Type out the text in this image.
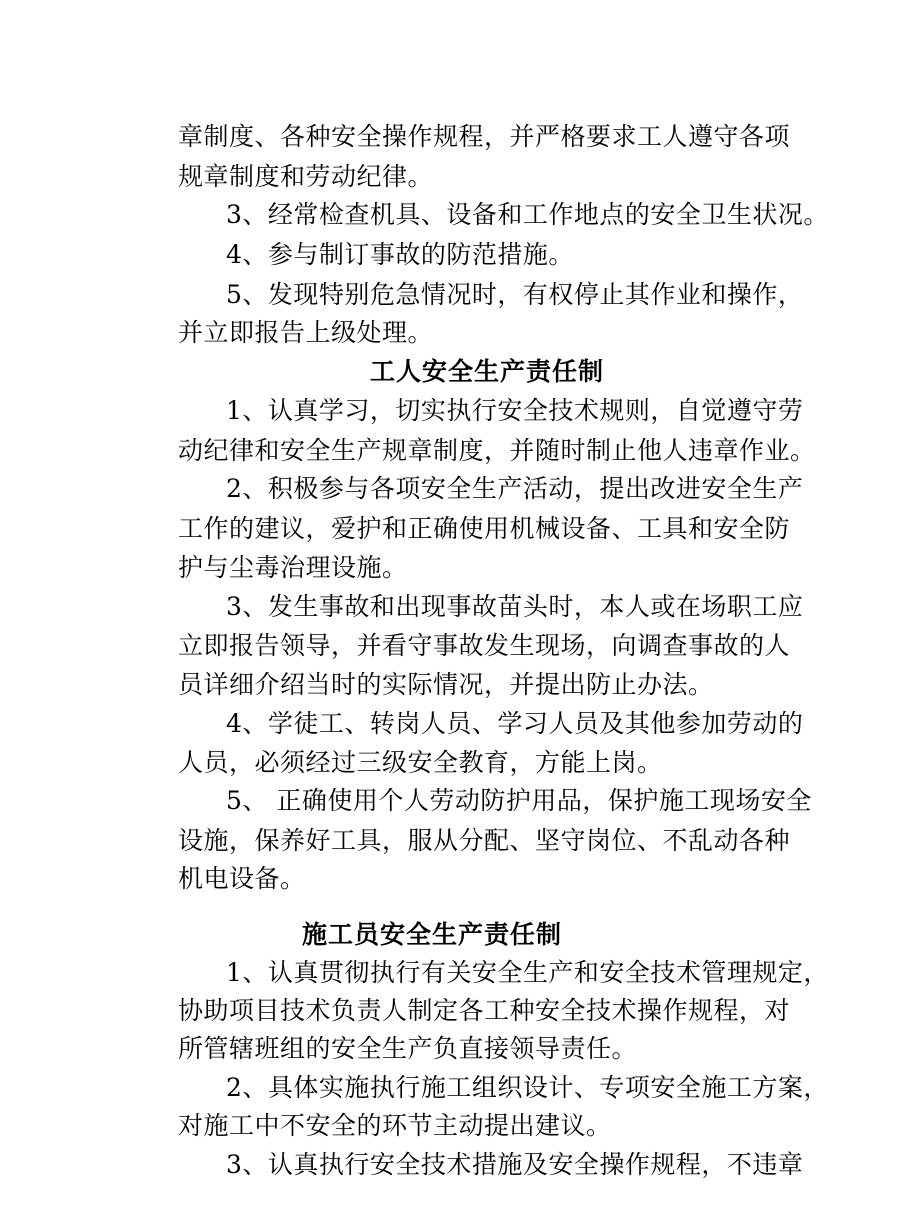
章制度、各种安全操作规程，并严格要求工人遵守各项
规章制度和劳动纪律。
3、经常检查机具、设备和工作地点的安全卫生状况。
4、参与制订事故的防范措施。
5、发现特别危急情况时，有权停止其作业和操作，
并立即报告上级处理。
工人安全生产责任制
1、认真学习，切实执行安全技术规则，自觉遵守劳
动纪律和安全生产规章制度，并随时制止他人违章作业。
2、积极参与各项安全生产活动，提出改进安全生产
工作的建议，爱护和正确使用机械设备、工具和安全防
护与尘毒治理设施。
3、发生事故和出现事故苗头时，本人或在场职工应
立即报告领导，并看守事故发生现场，向调查事故的人
员详细介绍当时的实际情况，并提出防止办法。
4、学徒工、转岗人员、学习人员及其他参加劳动的
人员，必须经过三级安全教育，方能上岗。
5、 正确使用个人劳动防护用品，保护施工现场安全
设施，保养好工具，服从分配、坚守岗位、不乱动各种
机电设备。
施工员安全生产责任制
1、认真贯彻执行有关安全生产和安全技术管理规定，
协助项目技术负责人制定各工种安全技术操作规程，对
所管辖班组的安全生产负直接领导责任。
2、具体实施执行施工组织设计、专项安全施工方案，
对施工中不安全的环节主动提出建议。
3、认真执行安全技术措施及安全操作规程，不违章
